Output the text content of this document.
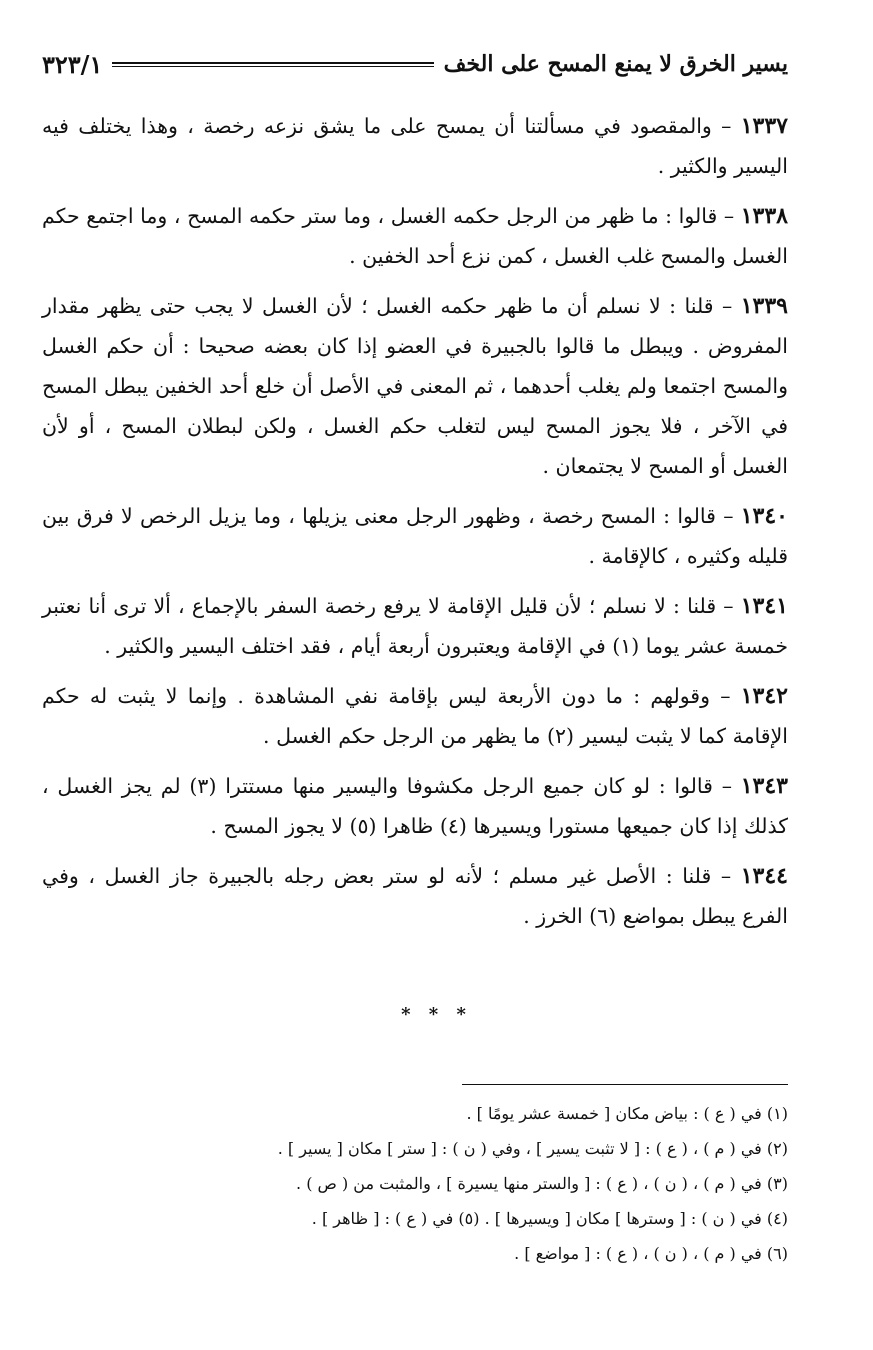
يسير الخرق لا يمنع المسح على الخف
٣٢٣/١

١٣٣٧ – والمقصود في مسألتنا أن يمسح على ما يشق نزعه رخصة ، وهذا يختلف فيه اليسير والكثير .

١٣٣٨ – قالوا : ما ظهر من الرجل حكمه الغسل ، وما ستر حكمه المسح ، وما اجتمع حكم الغسل والمسح غلب الغسل ، كمن نزع أحد الخفين .

١٣٣٩ – قلنا : لا نسلم أن ما ظهر حكمه الغسل ؛ لأن الغسل لا يجب حتى يظهر مقدار المفروض . ويبطل ما قالوا بالجبيرة في العضو إذا كان بعضه صحيحا : أن حكم الغسل والمسح اجتمعا ولم يغلب أحدهما ، ثم المعنى في الأصل أن خلع أحد الخفين يبطل المسح في الآخر ، فلا يجوز المسح ليس لتغلب حكم الغسل ، ولكن لبطلان المسح ، أو لأن الغسل أو المسح لا يجتمعان .

١٣٤٠ – قالوا : المسح رخصة ، وظهور الرجل معنى يزيلها ، وما يزيل الرخص لا فرق بين قليله وكثيره ، كالإقامة .

١٣٤١ – قلنا : لا نسلم ؛ لأن قليل الإقامة لا يرفع رخصة السفر بالإجماع ، ألا ترى أنا نعتبر خمسة عشر يوما (١) في الإقامة ويعتبرون أربعة أيام ، فقد اختلف اليسير والكثير .

١٣٤٢ – وقولهم : ما دون الأربعة ليس بإقامة نفي المشاهدة . وإنما لا يثبت له حكم الإقامة كما لا يثبت ليسير (٢) ما يظهر من الرجل حكم الغسل .

١٣٤٣ – قالوا : لو كان جميع الرجل مكشوفا واليسير منها مستترا (٣) لم يجز الغسل ، كذلك إذا كان جميعها مستورا ويسيرها (٤) ظاهرا (٥) لا يجوز المسح .

١٣٤٤ – قلنا : الأصل غير مسلم ؛ لأنه لو ستر بعض رجله بالجبيرة جاز الغسل ، وفي الفرع يبطل بمواضع (٦) الخرز .

* * *

(١) في ( ع ) : بياض مكان [ خمسة عشر يومًا ] .

(٢) في ( م ) ، ( ع ) : [ لا تثبت يسير ] ، وفي ( ن ) : [ ستر ] مكان [ يسير ] .

(٣) في ( م ) ، ( ن ) ، ( ع ) : [ والستر منها يسيرة ] ، والمثبت من ( ص ) .

(٤) في ( ن ) : [ وسترها ] مكان [ ويسيرها ] . (٥) في ( ع ) : [ ظاهر ] .

(٦) في ( م ) ، ( ن ) ، ( ع ) : [ مواضع ] .
